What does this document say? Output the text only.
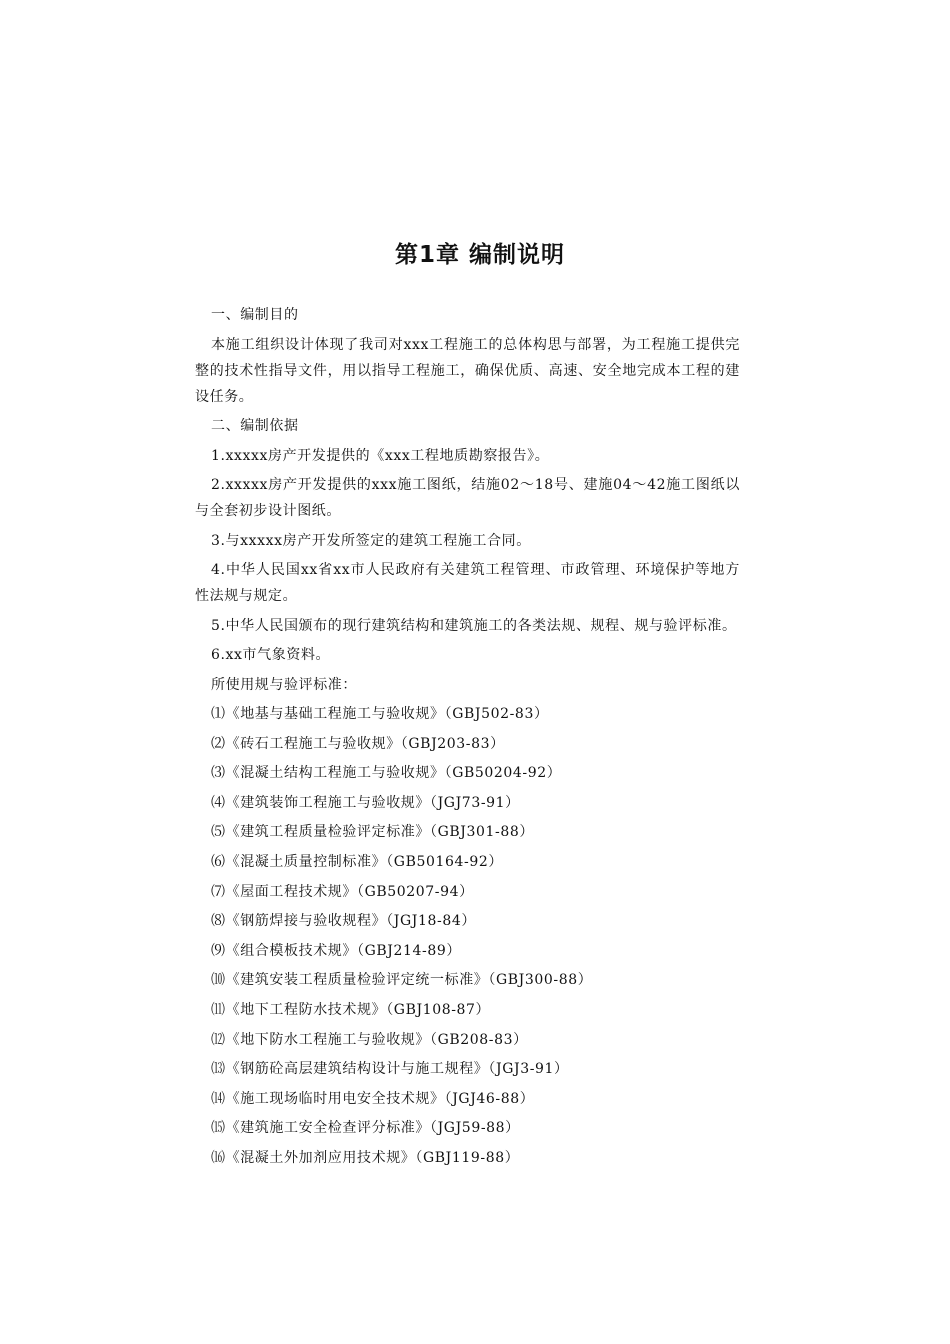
第1章 编制说明

一、编制目的

本施工组织设计体现了我司对xxx工程施工的总体构思与部署，为工程施工提供完整的技术性指导文件，用以指导工程施工，确保优质、高速、安全地完成本工程的建设任务。

二、编制依据

1.xxxxx房产开发提供的《xxx工程地质勘察报告》。

2.xxxxx房产开发提供的xxx施工图纸，结施02～18号、建施04～42施工图纸以与全套初步设计图纸。

3.与xxxxx房产开发所签定的建筑工程施工合同。

4.中华人民国xx省xx市人民政府有关建筑工程管理、市政管理、环境保护等地方性法规与规定。

5.中华人民国颁布的现行建筑结构和建筑施工的各类法规、规程、规与验评标准。

6.xx市气象资料。

所使用规与验评标准：

⑴《地基与基础工程施工与验收规》（GBJ502-83）
⑵《砖石工程施工与验收规》（GBJ203-83）
⑶《混凝土结构工程施工与验收规》（GB50204-92）
⑷《建筑装饰工程施工与验收规》（JGJ73-91）
⑸《建筑工程质量检验评定标准》（GBJ301-88）
⑹《混凝土质量控制标准》（GB50164-92）
⑺《屋面工程技术规》（GB50207-94）
⑻《钢筋焊接与验收规程》（JGJ18-84）
⑼《组合模板技术规》（GBJ214-89）
⑽《建筑安装工程质量检验评定统一标准》（GBJ300-88）
⑾《地下工程防水技术规》（GBJ108-87）
⑿《地下防水工程施工与验收规》（GB208-83）
⒀《钢筋砼高层建筑结构设计与施工规程》（JGJ3-91）
⒁《施工现场临时用电安全技术规》（JGJ46-88）
⒂《建筑施工安全检查评分标准》（JGJ59-88）
⒃《混凝土外加剂应用技术规》（GBJ119-88）
